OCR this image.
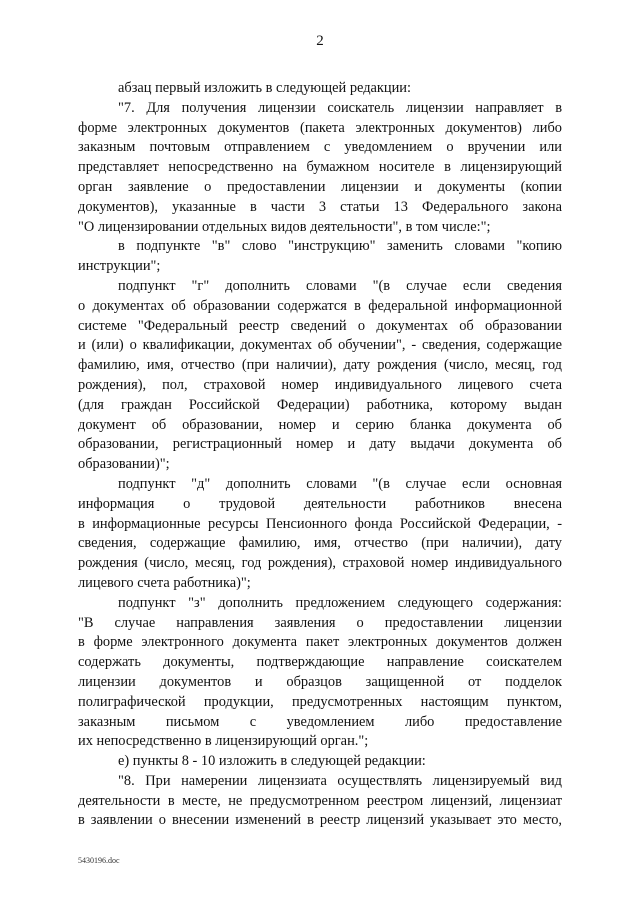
2
абзац первый изложить в следующей редакции:
"7. Для получения лицензии соискатель лицензии направляет в
форме электронных документов (пакета электронных документов) либо
заказным почтовым отправлением с уведомлением о вручении или
представляет непосредственно на бумажном носителе в лицензирующий
орган заявление о предоставлении лицензии и документы (копии
документов), указанные в части 3 статьи 13 Федерального закона
"О лицензировании отдельных видов деятельности", в том числе:";
в подпункте "в" слово "инструкцию" заменить словами "копию
инструкции";
подпункт "г" дополнить словами "(в случае если сведения
о документах об образовании содержатся в федеральной информационной
системе "Федеральный реестр сведений о документах об образовании
и (или) о квалификации, документах об обучении", - сведения, содержащие
фамилию, имя, отчество (при наличии), дату рождения (число, месяц, год
рождения), пол, страховой номер индивидуального лицевого счета
(для граждан Российской Федерации) работника, которому выдан
документ об образовании, номер и серию бланка документа об
образовании, регистрационный номер и дату выдачи документа об
образовании)";
подпункт "д" дополнить словами "(в случае если основная
информация о трудовой деятельности работников внесена
в информационные ресурсы Пенсионного фонда Российской Федерации, -
сведения, содержащие фамилию, имя, отчество (при наличии), дату
рождения (число, месяц, год рождения), страховой номер индивидуального
лицевого счета работника)";
подпункт "з" дополнить предложением следующего содержания:
"В случае направления заявления о предоставлении лицензии
в форме электронного документа пакет электронных документов должен
содержать документы, подтверждающие направление соискателем
лицензии документов и образцов защищенной от подделок
полиграфической продукции, предусмотренных настоящим пунктом,
заказным письмом с уведомлением либо предоставление
их непосредственно в лицензирующий орган.";
е) пункты 8 - 10 изложить в следующей редакции:
"8. При намерении лицензиата осуществлять лицензируемый вид
деятельности в месте, не предусмотренном реестром лицензий, лицензиат
в заявлении о внесении изменений в реестр лицензий указывает это место,
5430196.doc
